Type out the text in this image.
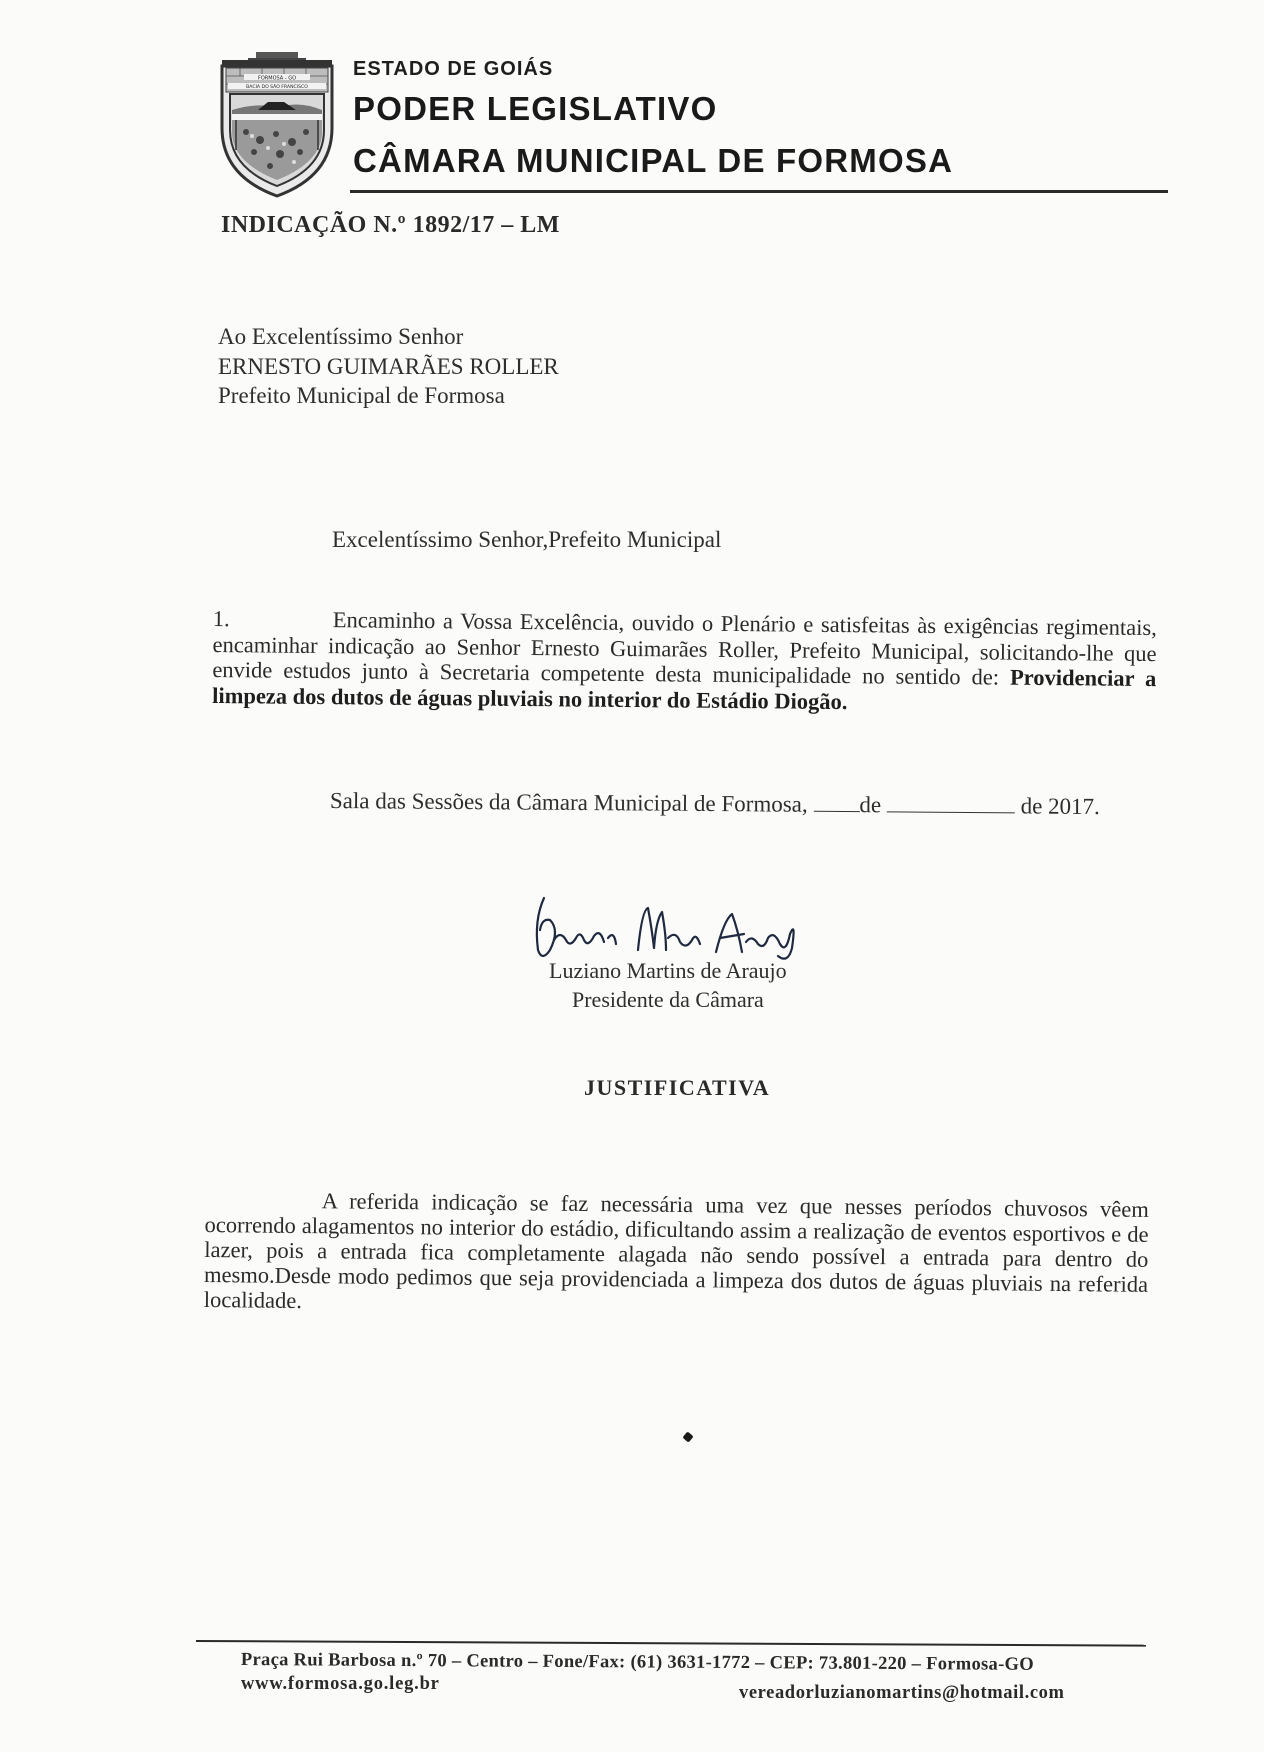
FORMOSA - GO
BACIA DO SÃO FRANCISCO
ESTADO DE GOIÁS
PODER LEGISLATIVO
CÂMARA MUNICIPAL DE FORMOSA
INDICAÇÃO N.º 1892/17 – LM
Ao Excelentíssimo Senhor
ERNESTO GUIMARÃES ROLLER
Prefeito Municipal de Formosa
Excelentíssimo Senhor,Prefeito Municipal
1.	Encaminho a Vossa Excelência, ouvido o Plenário e satisfeitas às exigências regimentais, encaminhar indicação ao Senhor Ernesto Guimarães Roller, Prefeito Municipal, solicitando-lhe que envide estudos junto à Secretaria competente desta municipalidade no sentido de: Providenciar a limpeza dos dutos de águas pluviais no interior do Estádio Diogão.
Sala das Sessões da Câmara Municipal de Formosa, de	de 2017.
Luziano Martins de Araujo
Presidente da Câmara
JUSTIFICATIVA
A referida indicação se faz necessária uma vez que nesses períodos chuvosos vêem ocorrendo alagamentos no interior do estádio, dificultando assim a realização de eventos esportivos e de lazer, pois a entrada fica completamente alagada não sendo possível a entrada para dentro do mesmo.Desde modo pedimos que seja providenciada a limpeza dos dutos de águas pluviais na referida localidade.
Praça Rui Barbosa n.º 70 – Centro – Fone/Fax: (61) 3631-1772 – CEP: 73.801-220 – Formosa-GO
www.formosa.go.leg.br	vereadorluzianomartins@hotmail.com
